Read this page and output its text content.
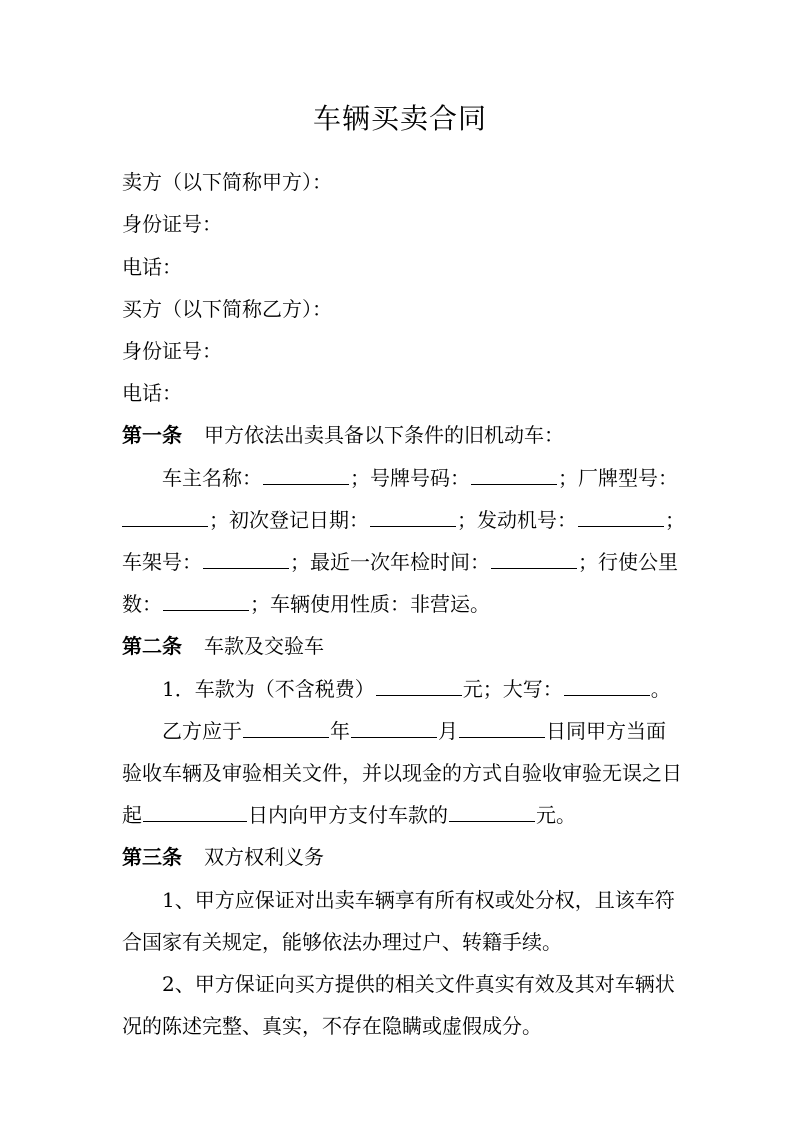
车辆买卖合同
卖方（以下简称甲方）：
身份证号：
电话：
买方（以下简称乙方）：
身份证号：
电话：
第一条 甲方依法出卖具备以下条件的旧机动车：
车主名称：	；号牌号码：	；厂牌型号：
；初次登记日期：	；发动机号：	；
车架号：	；最近一次年检时间：	；行使公里
数：	；车辆使用性质：非营运。
第二条 车款及交验车
1．车款为（不含税费）	元；大写：	。
乙方应于	年	月	日同甲方当面
验收车辆及审验相关文件，并以现金的方式自验收审验无误之日
起	日内向甲方支付车款的	元。
第三条 双方权利义务
1、甲方应保证对出卖车辆享有所有权或处分权，且该车符
合国家有关规定，能够依法办理过户、转籍手续。
2、甲方保证向买方提供的相关文件真实有效及其对车辆状
况的陈述完整、真实，不存在隐瞒或虚假成分。
